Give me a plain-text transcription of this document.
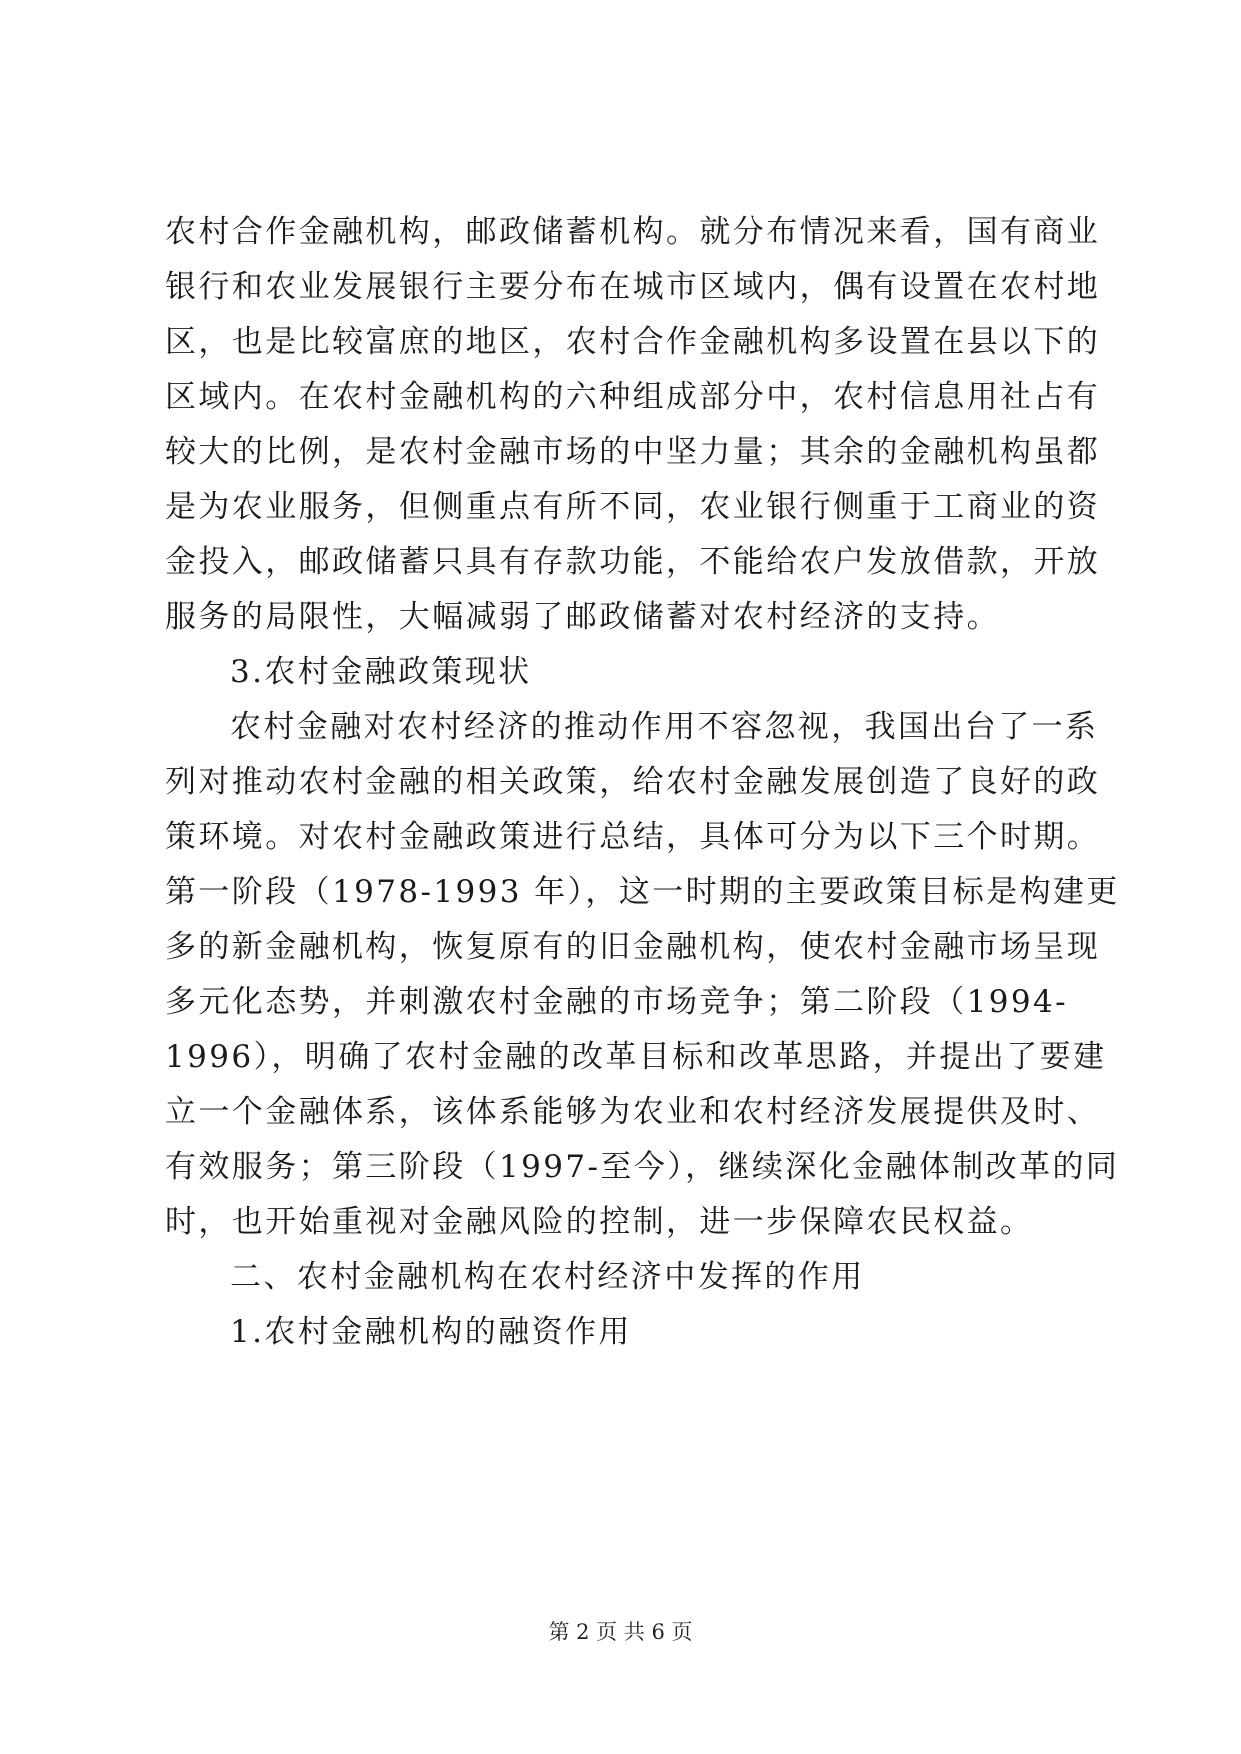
农村合作金融机构，邮政储蓄机构。就分布情况来看，国有商业
银行和农业发展银行主要分布在城市区域内，偶有设置在农村地
区，也是比较富庶的地区，农村合作金融机构多设置在县以下的
区域内。在农村金融机构的六种组成部分中，农村信息用社占有
较大的比例，是农村金融市场的中坚力量；其余的金融机构虽都
是为农业服务，但侧重点有所不同，农业银行侧重于工商业的资
金投入，邮政储蓄只具有存款功能，不能给农户发放借款，开放
服务的局限性，大幅减弱了邮政储蓄对农村经济的支持。
3.农村金融政策现状
农村金融对农村经济的推动作用不容忽视，我国出台了一系
列对推动农村金融的相关政策，给农村金融发展创造了良好的政
策环境。对农村金融政策进行总结，具体可分为以下三个时期。
第一阶段（1978-1993 年），这一时期的主要政策目标是构建更
多的新金融机构，恢复原有的旧金融机构，使农村金融市场呈现
多元化态势，并刺激农村金融的市场竞争；第二阶段（1994-
1996），明确了农村金融的改革目标和改革思路，并提出了要建
立一个金融体系，该体系能够为农业和农村经济发展提供及时、
有效服务；第三阶段（1997-至今），继续深化金融体制改革的同
时，也开始重视对金融风险的控制，进一步保障农民权益。
二、农村金融机构在农村经济中发挥的作用
1.农村金融机构的融资作用
第 2 页 共 6 页
